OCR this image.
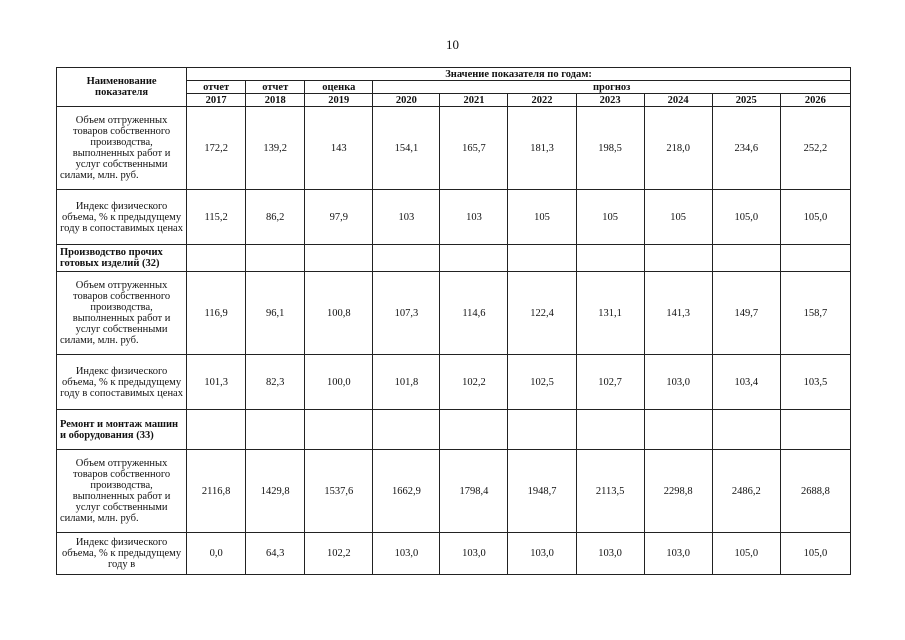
10
Наименование показателя	Значение показателя по годам:									
	отчет	отчет	оценка	прогноз						
	2017	2018	2019	2020	2021	2022	2023	2024	2025	2026
Объем отгруженных товаров собственного производства, выполненных работ и услуг собственными силами, млн. руб.	172,2	139,2	143	154,1	165,7	181,3	198,5	218,0	234,6	252,2
Индекс физического объема, % к предыдущему году в сопоставимых ценах	115,2	86,2	97,9	103	103	105	105	105	105,0	105,0
Производство прочих готовых изделий (32)										
Объем отгруженных товаров собственного производства, выполненных работ и услуг собственными силами, млн. руб.	116,9	96,1	100,8	107,3	114,6	122,4	131,1	141,3	149,7	158,7
Индекс физического объема, % к предыдущему году в сопоставимых ценах	101,3	82,3	100,0	101,8	102,2	102,5	102,7	103,0	103,4	103,5
Ремонт и монтаж машин и оборудования (33)										
Объем отгруженных товаров собственного производства, выполненных работ и услуг собственными силами, млн. руб.	2116,8	1429,8	1537,6	1662,9	1798,4	1948,7	2113,5	2298,8	2486,2	2688,8
Индекс физического объема, % к предыдущему году в	0,0	64,3	102,2	103,0	103,0	103,0	103,0	103,0	105,0	105,0
